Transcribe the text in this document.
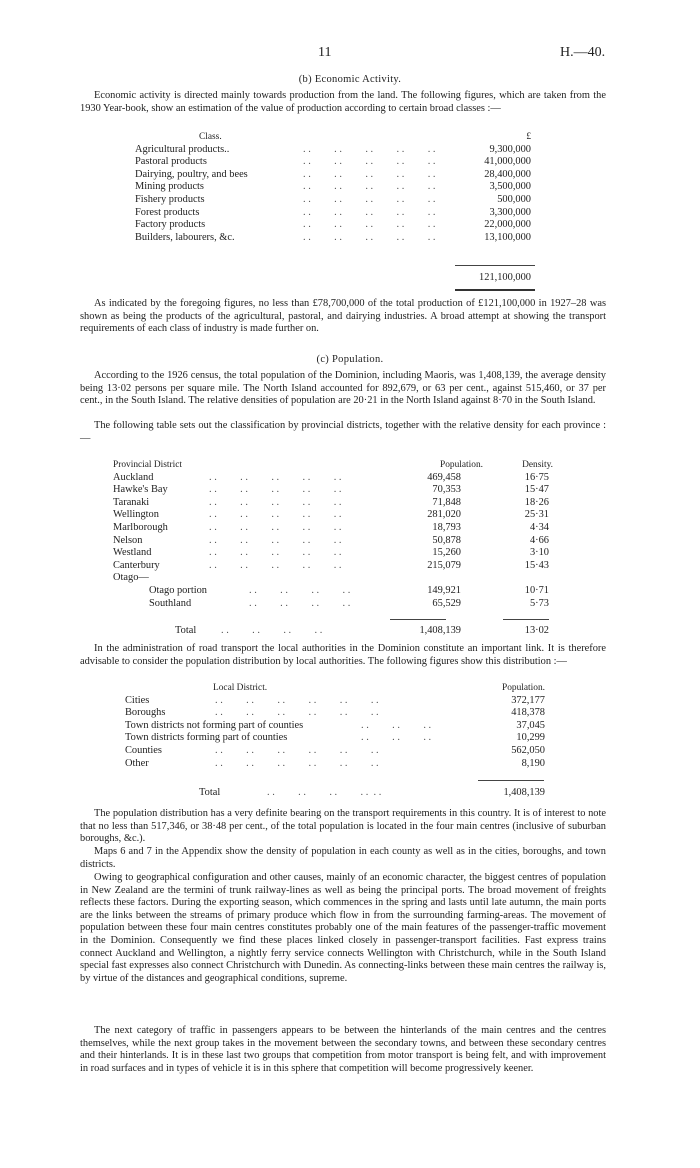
11	H.—40.
(b) Economic Activity.

Economic activity is directed mainly towards production from the land. The following figures, which are taken from the 1930 Year-book, show an estimation of the value of production according to certain broad classes :—

Class.	£
Agricultural products..	. .         . .         . .         . .         . .	9,300,000
Pastoral products	. .         . .         . .         . .         . .	41,000,000
Dairying, poultry, and bees	. .         . .         . .         . .         . .	28,400,000
Mining products	. .         . .         . .         . .         . .	3,500,000
Fishery products	. .         . .         . .         . .         . .	500,000
Forest products	. .         . .         . .         . .         . .	3,300,000
Factory products	. .         . .         . .         . .         . .	22,000,000
Builders, labourers, &c.	. .         . .         . .         . .         . .	13,100,000
121,100,000

As indicated by the foregoing figures, no less than £78,700,000 of the total production of £121,100,000 in 1927–28 was shown as being the products of the agricultural, pastoral, and dairying industries. A broad attempt at showing the transport requirements of each class of industry is made further on.

(c) Population.

According to the 1926 census, the total population of the Dominion, including Maoris, was 1,408,139, the average density being 13·02 persons per square mile. The North Island accounted for 892,679, or 63 per cent., against 515,460, or 37 per cent., in the South Island. The relative densities of population are 20·21 in the North Island against 8·70 in the South Island.

The following table sets out the classification by provincial districts, together with the relative density for each province :—

Provincial District	Population.	Density.
Auckland	. .         . .         . .         . .         . .	469,458	16·75
Hawke's Bay	. .         . .         . .         . .         . .	70,353	15·47
Taranaki	. .         . .         . .         . .         . .	71,848	18·26
Wellington	. .         . .         . .         . .         . .	281,020	25·31
Marlborough	. .         . .         . .         . .         . .	18,793	4·34
Nelson	. .         . .         . .         . .         . .	50,878	4·66
Westland	. .         . .         . .         . .         . .	15,260	3·10
Canterbury	. .         . .         . .         . .         . .	215,079	15·43
Otago—
Otago portion	. .         . .         . .         . .	149,921	10·71
Southland	. .         . .         . .         . .	65,529	5·73
Total . .         . .         . .         . .	1,408,139	13·02

In the administration of road transport the local authorities in the Dominion constitute an important link. It is therefore advisable to consider the population distribution by local authorities. The following figures show this distribution :—

Local District.	Population.
Cities	. .         . .         . .         . .         . .         . .	372,177
Boroughs	. .         . .         . .         . .         . .         . .	418,378
Town districts not forming part of counties	. .         . .         . .	37,045
Town districts forming part of counties	. .         . .         . .	10,299
Counties	. .         . .         . .         . .         . .         . .	562,050
Other	. .         . .         . .         . .         . .         . .	8,190
Total	. .         . .         . .         . .  . .	1,408,139

The population distribution has a very definite bearing on the transport requirements in this country. It is of interest to note that no less than 517,346, or 38·48 per cent., of the total population is located in the four main centres (inclusive of suburban boroughs, &c.).

Maps 6 and 7 in the Appendix show the density of population in each county as well as in the cities, boroughs, and town districts.

Owing to geographical configuration and other causes, mainly of an economic character, the biggest centres of population in New Zealand are the termini of trunk railway-lines as well as being the principal ports. The broad movement of freights reflects these factors. During the exporting season, which commences in the spring and lasts until late autumn, the main ports are the links between the streams of primary produce which flow in from the surrounding farming-areas. The movement of population between these four main centres constitutes probably one of the main features of the passenger-traffic movement in the Dominion. Consequently we find these places linked closely in passenger-transport facilities. Fast express trains connect Auckland and Wellington, a nightly ferry service connects Wellington with Christchurch, while in the South Island special fast expresses also connect Christchurch with Dunedin. As connecting-links between these main centres the railway is, by virtue of the distances and geographical conditions, supreme.

The next category of traffic in passengers appears to be between the hinterlands of the main centres and the centres themselves, while the next group takes in the movement between the secondary towns, and between these secondary centres and their hinterlands. It is in these last two groups that competition from motor transport is being felt, and with improvement in road surfaces and in types of vehicle it is in this sphere that competition will become progressively keener.
